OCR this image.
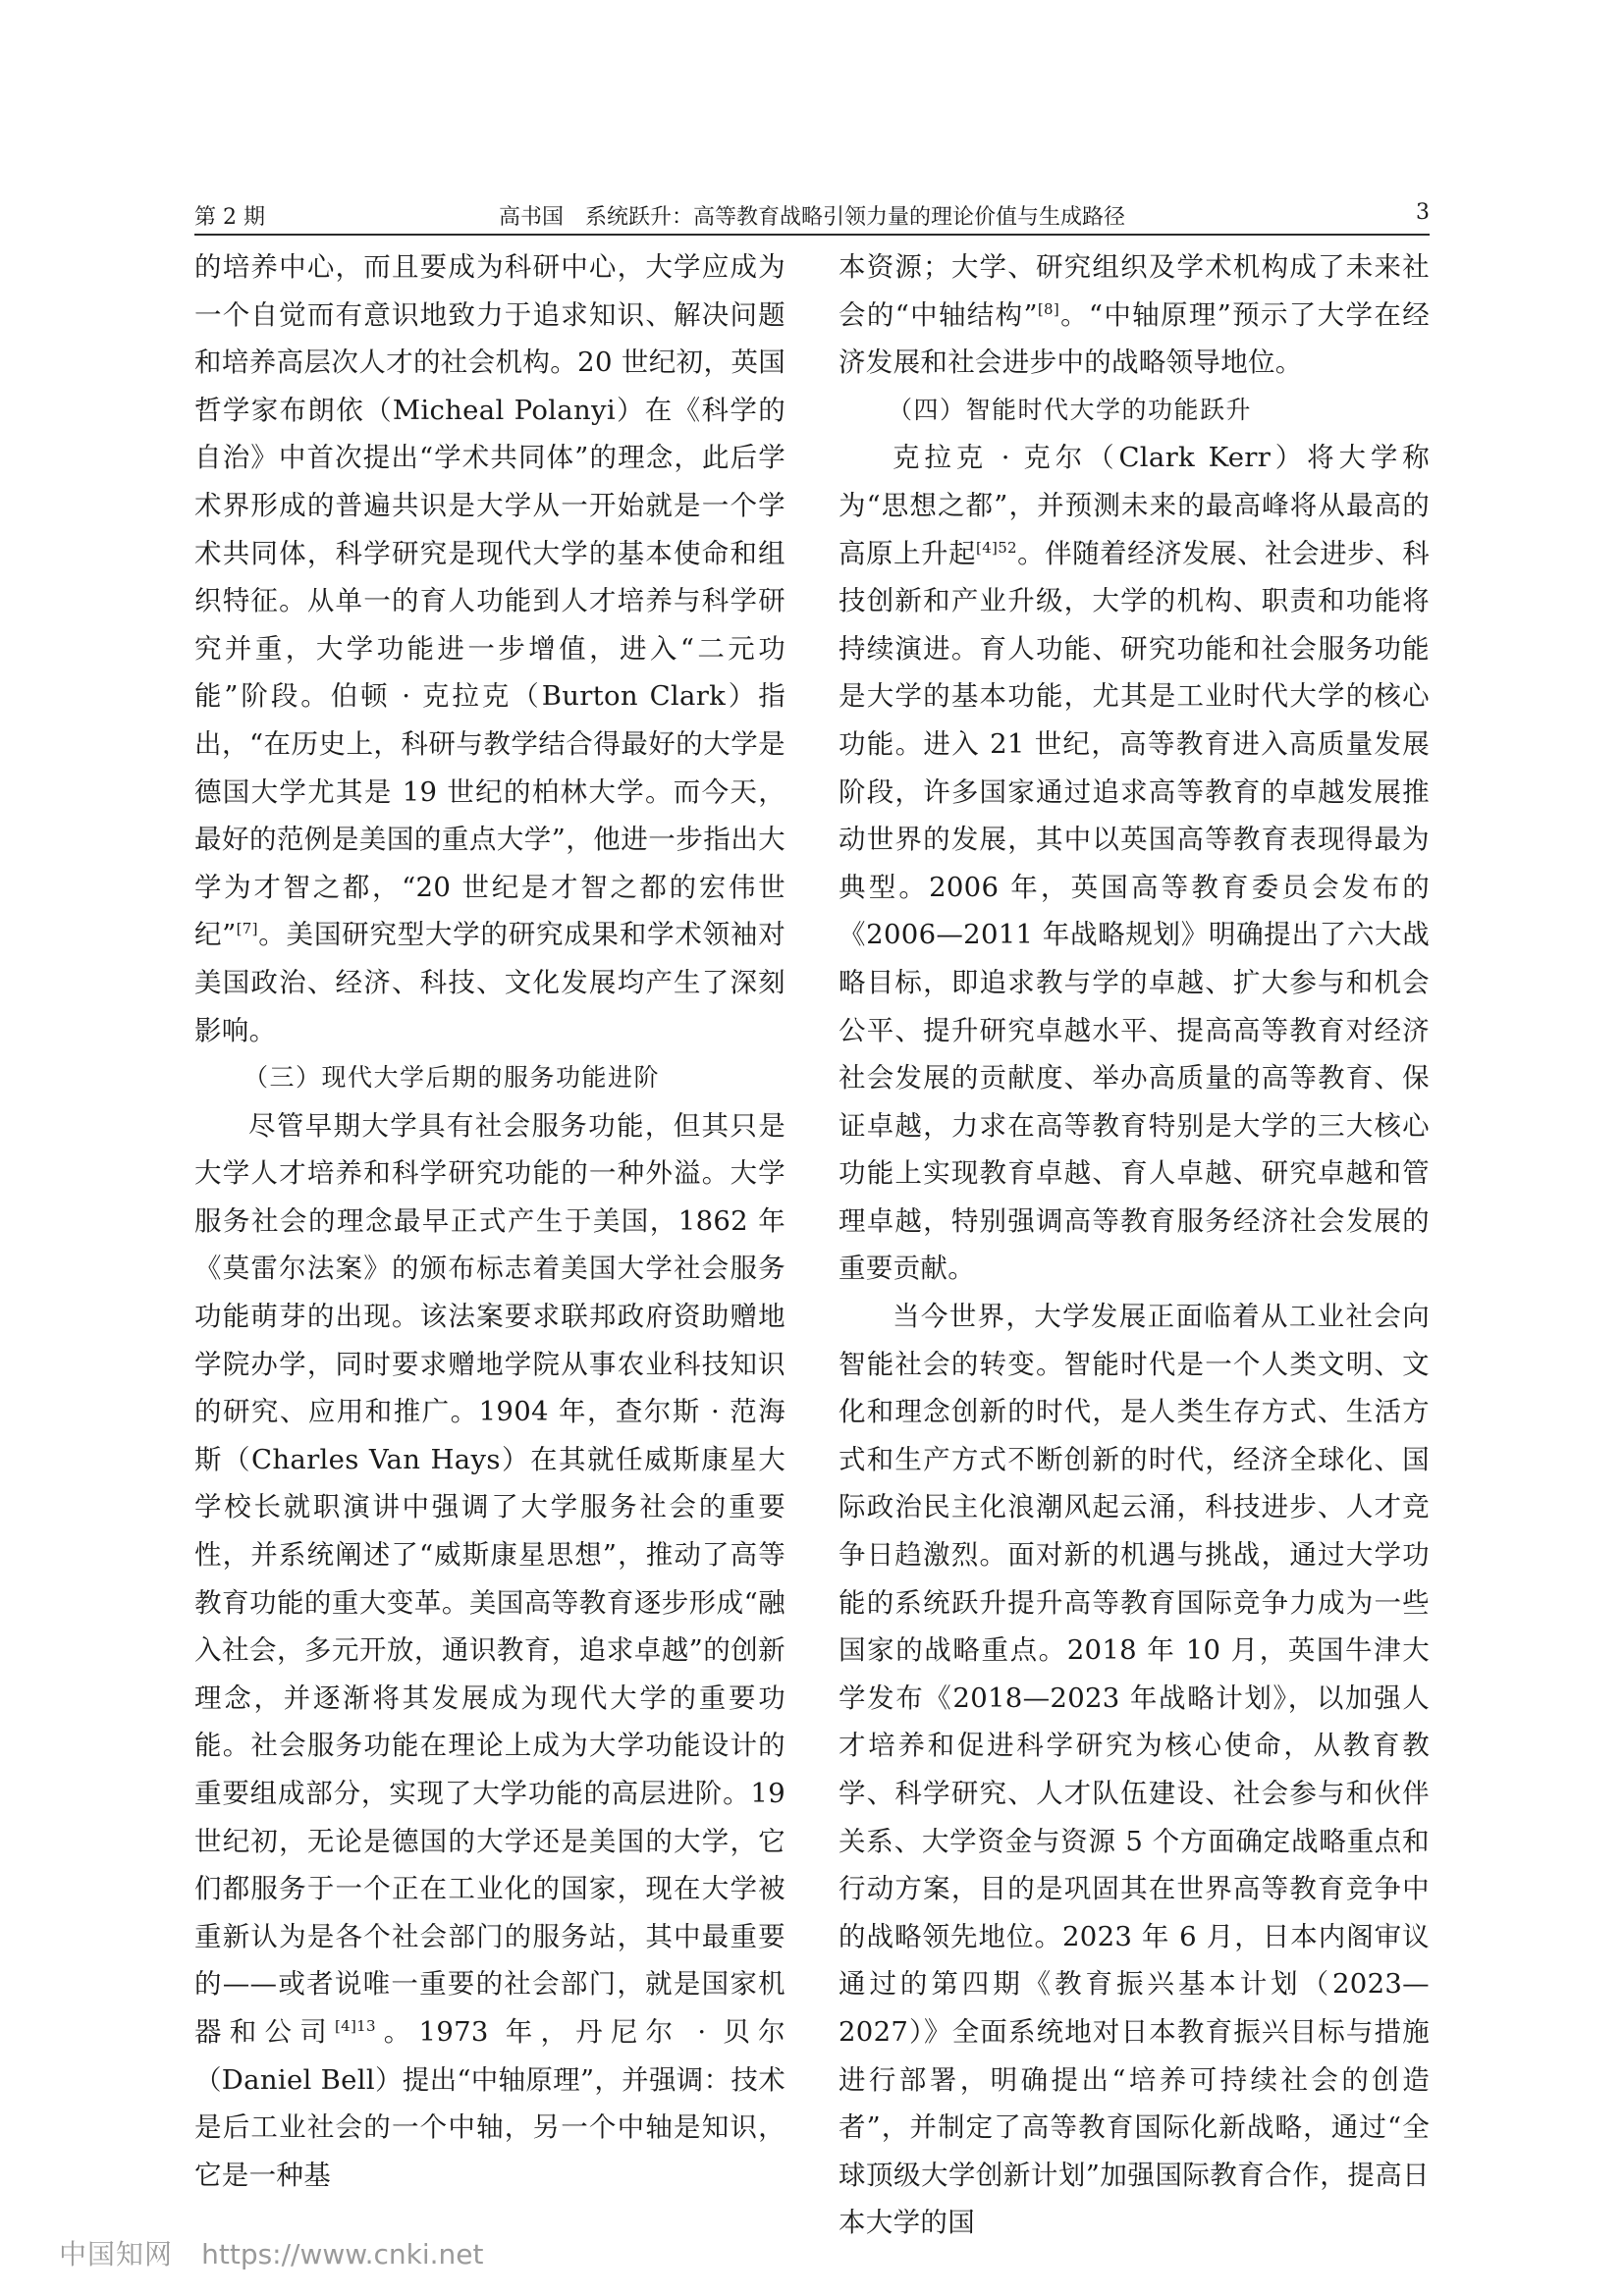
第 2 期	高书国　系统跃升：高等教育战略引领力量的理论价值与生成路径	3

的培养中心，而且要成为科研中心，大学应成为一个自觉而有意识地致力于追求知识、解决问题和培养高层次人才的社会机构。20 世纪初，英国哲学家布朗依（Micheal Polanyi）在《科学的自治》中首次提出“学术共同体”的理念，此后学术界形成的普遍共识是大学从一开始就是一个学术共同体，科学研究是现代大学的基本使命和组织特征。从单一的育人功能到人才培养与科学研究并重，大学功能进一步增值，进入“二元功能”阶段。伯顿 · 克拉克（Burton Clark）指出，“在历史上，科研与教学结合得最好的大学是德国大学尤其是 19 世纪的柏林大学。而今天，最好的范例是美国的重点大学”，他进一步指出大学为才智之都，“20 世纪是才智之都的宏伟世纪”[7]。美国研究型大学的研究成果和学术领袖对美国政治、经济、科技、文化发展均产生了深刻影响。

（三）现代大学后期的服务功能进阶

尽管早期大学具有社会服务功能，但其只是大学人才培养和科学研究功能的一种外溢。大学服务社会的理念最早正式产生于美国，1862 年《莫雷尔法案》的颁布标志着美国大学社会服务功能萌芽的出现。该法案要求联邦政府资助赠地学院办学，同时要求赠地学院从事农业科技知识的研究、应用和推广。1904 年，查尔斯 · 范海斯（Charles Van Hays）在其就任威斯康星大学校长就职演讲中强调了大学服务社会的重要性，并系统阐述了“威斯康星思想”，推动了高等教育功能的重大变革。美国高等教育逐步形成“融入社会，多元开放，通识教育，追求卓越”的创新理念，并逐渐将其发展成为现代大学的重要功能。社会服务功能在理论上成为大学功能设计的重要组成部分，实现了大学功能的高层进阶。19 世纪初，无论是德国的大学还是美国的大学，它们都服务于一个正在工业化的国家，现在大学被重新认为是各个社会部门的服务站，其中最重要的——或者说唯一重要的社会部门，就是国家机器和公司$^{[4]13}$。1973 年，丹尼尔 · 贝尔（Daniel Bell）提出“中轴原理”，并强调：技术是后工业社会的一个中轴，另一个中轴是知识，它是一种基

本资源；大学、研究组织及学术机构成了未来社会的“中轴结构”[8]。“中轴原理”预示了大学在经济发展和社会进步中的战略领导地位。

（四）智能时代大学的功能跃升

克拉克 · 克尔（Clark Kerr）将大学称为“思想之都”，并预测未来的最高峰将从最高的高原上升起$^{[4]52}$。伴随着经济发展、社会进步、科技创新和产业升级，大学的机构、职责和功能将持续演进。育人功能、研究功能和社会服务功能是大学的基本功能，尤其是工业时代大学的核心功能。进入 21 世纪，高等教育进入高质量发展阶段，许多国家通过追求高等教育的卓越发展推动世界的发展，其中以英国高等教育表现得最为典型。2006 年，英国高等教育委员会发布的《2006—2011 年战略规划》明确提出了六大战略目标，即追求教与学的卓越、扩大参与和机会公平、提升研究卓越水平、提高高等教育对经济社会发展的贡献度、举办高质量的高等教育、保证卓越，力求在高等教育特别是大学的三大核心功能上实现教育卓越、育人卓越、研究卓越和管理卓越，特别强调高等教育服务经济社会发展的重要贡献。

当今世界，大学发展正面临着从工业社会向智能社会的转变。智能时代是一个人类文明、文化和理念创新的时代，是人类生存方式、生活方式和生产方式不断创新的时代，经济全球化、国际政治民主化浪潮风起云涌，科技进步、人才竞争日趋激烈。面对新的机遇与挑战，通过大学功能的系统跃升提升高等教育国际竞争力成为一些国家的战略重点。2018 年 10 月，英国牛津大学发布《2018—2023 年战略计划》，以加强人才培养和促进科学研究为核心使命，从教育教学、科学研究、人才队伍建设、社会参与和伙伴关系、大学资金与资源 5 个方面确定战略重点和行动方案，目的是巩固其在世界高等教育竞争中的战略领先地位。2023 年 6 月，日本内阁审议通过的第四期《教育振兴基本计划（2023—2027）》全面系统地对日本教育振兴目标与措施进行部署，明确提出“培养可持续社会的创造者”，并制定了高等教育国际化新战略，通过“全球顶级大学创新计划”加强国际教育合作，提高日本大学的国

中国知网 https://www.cnki.net
